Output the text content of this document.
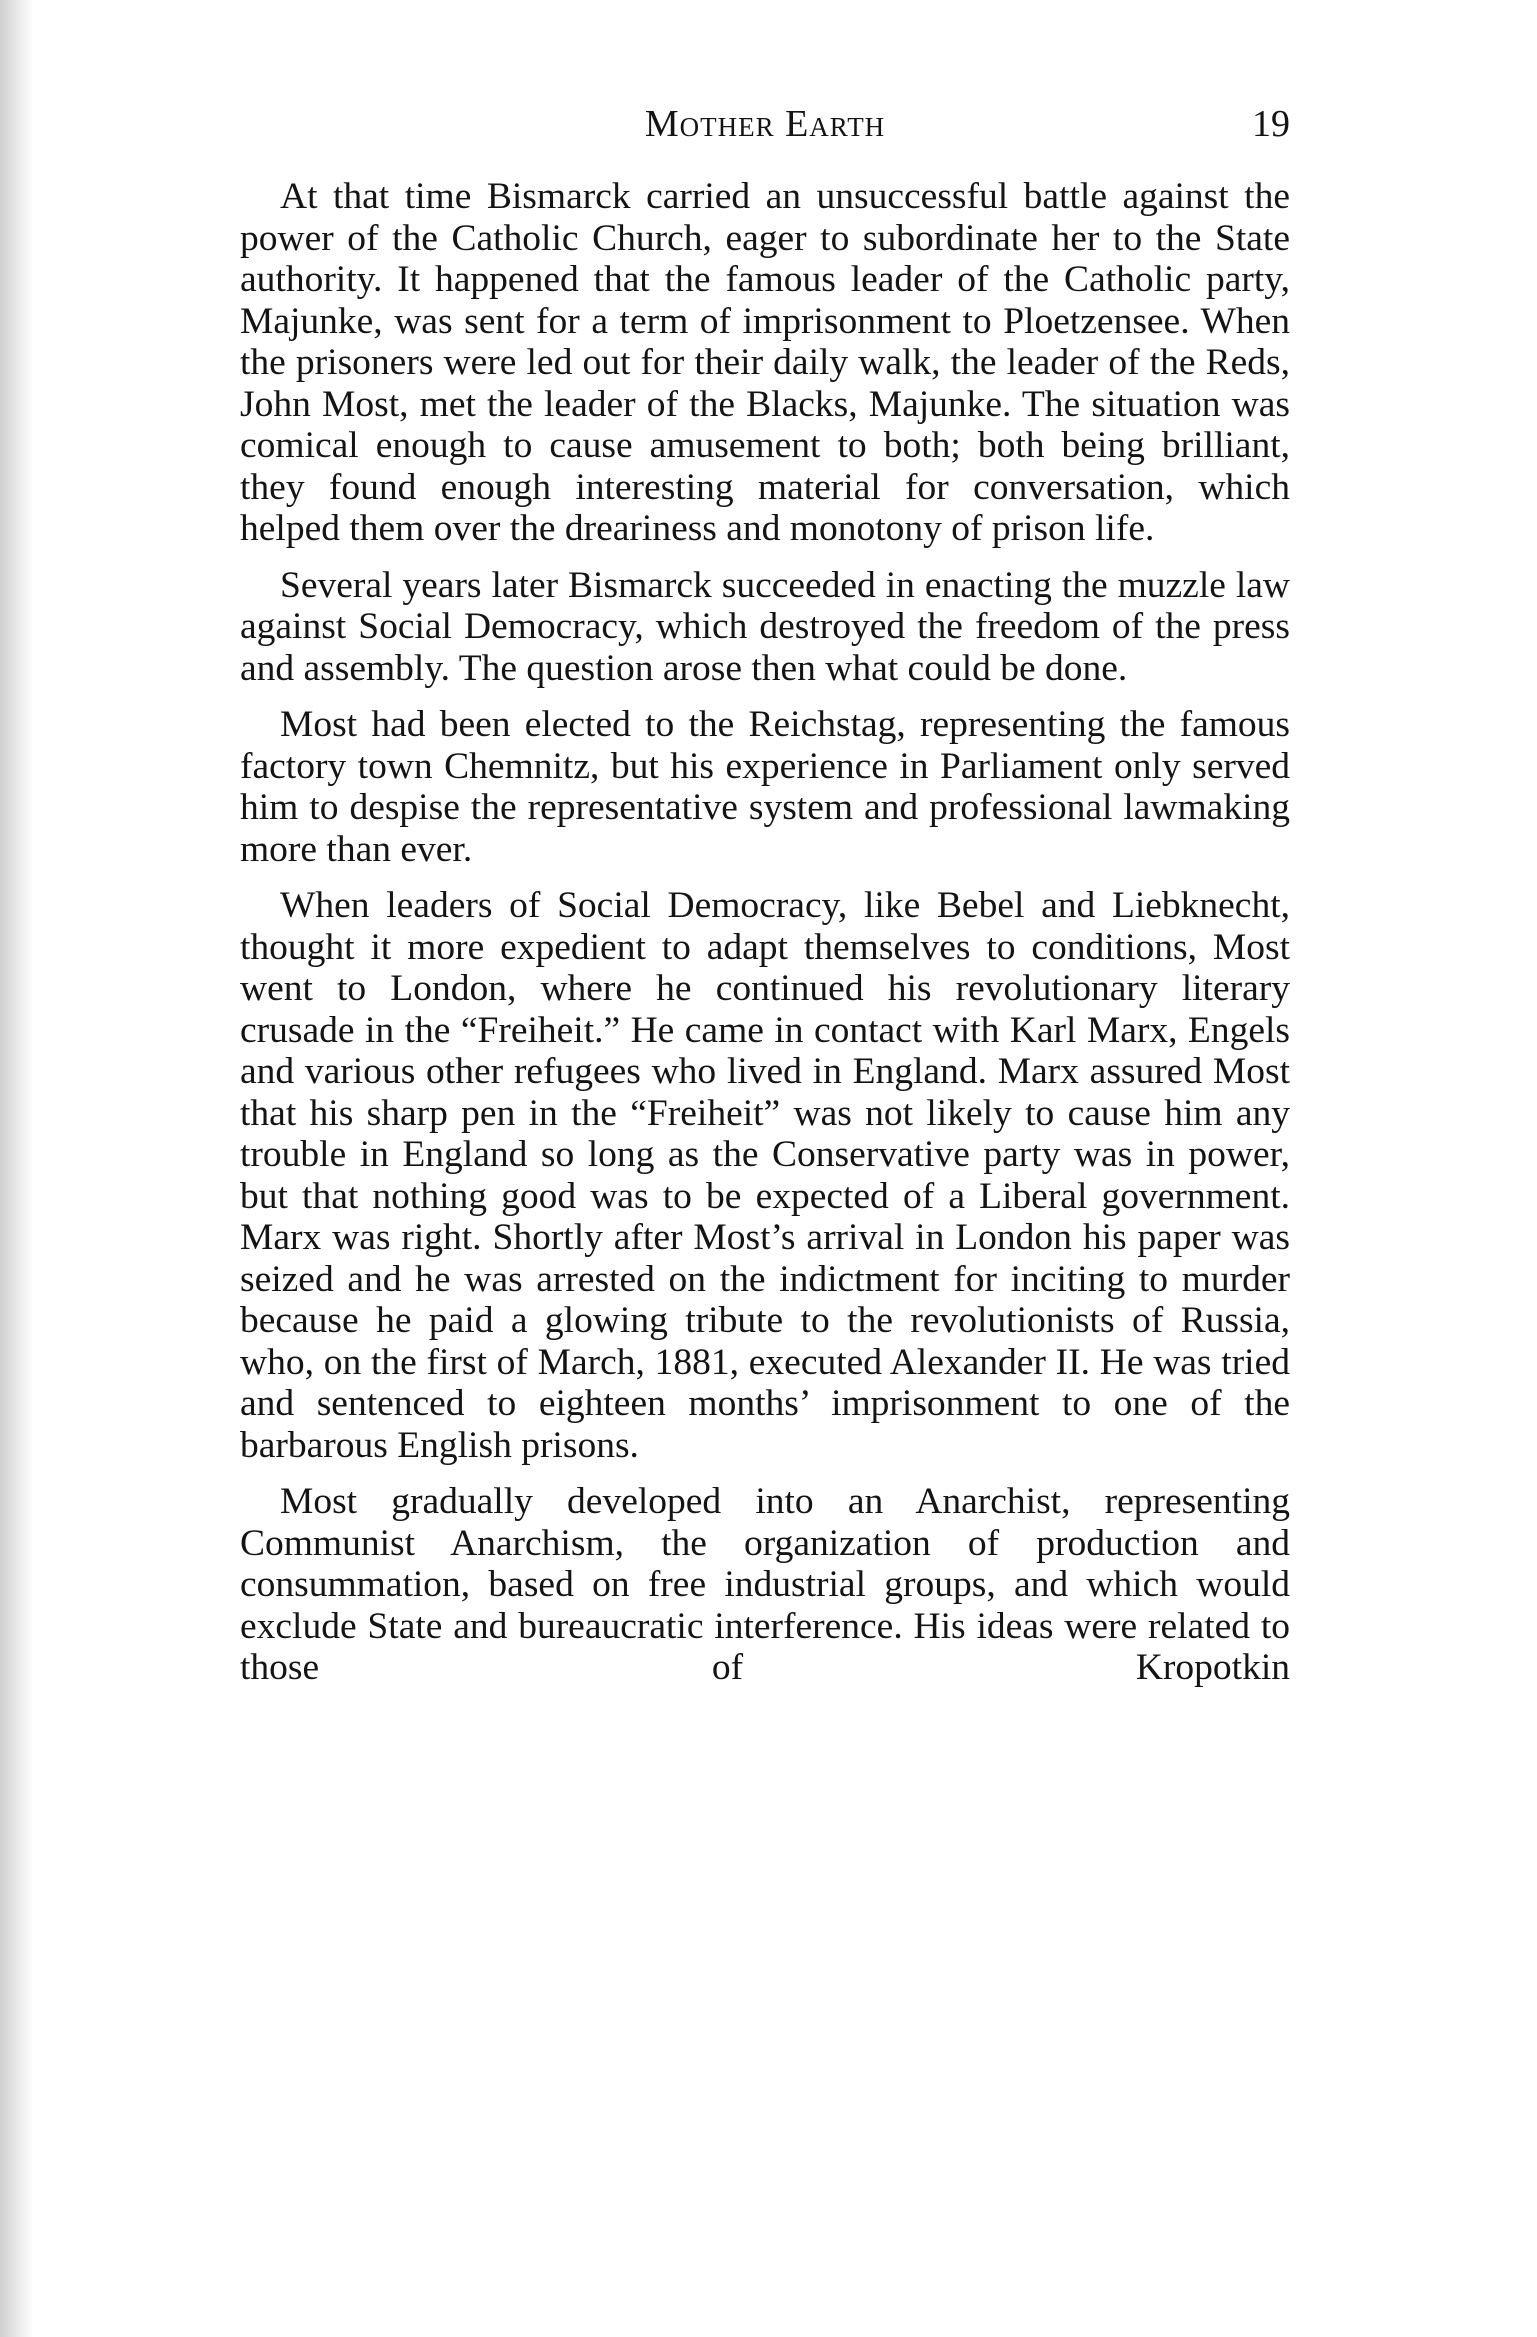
Mother Earth	19

At that time Bismarck carried an unsuccessful battle against the power of the Catholic Church, eager to subordinate her to the State authority. It happened that the famous leader of the Catholic party, Majunke, was sent for a term of imprisonment to Ploetzensee. When the prisoners were led out for their daily walk, the leader of the Reds, John Most, met the leader of the Blacks, Majunke. The situation was comical enough to cause amusement to both; both being brilliant, they found enough interesting material for conversation, which helped them over the dreariness and monotony of prison life.

Several years later Bismarck succeeded in enacting the muzzle law against Social Democracy, which destroyed the freedom of the press and assembly. The question arose then what could be done.

Most had been elected to the Reichstag, representing the famous factory town Chemnitz, but his experience in Parliament only served him to despise the representative system and professional lawmaking more than ever.

When leaders of Social Democracy, like Bebel and Liebknecht, thought it more expedient to adapt themselves to conditions, Most went to London, where he continued his revolutionary literary crusade in the “Freiheit.” He came in contact with Karl Marx, Engels and various other refugees who lived in England. Marx assured Most that his sharp pen in the “Freiheit” was not likely to cause him any trouble in England so long as the Conservative party was in power, but that nothing good was to be expected of a Liberal government. Marx was right. Shortly after Most’s arrival in London his paper was seized and he was arrested on the indictment for inciting to murder because he paid a glowing tribute to the revolutionists of Russia, who, on the first of March, 1881, executed Alexander II. He was tried and sentenced to eighteen months’ imprisonment to one of the barbarous English prisons.

Most gradually developed into an Anarchist, representing Communist Anarchism, the organization of production and consummation, based on free industrial groups, and which would exclude State and bureaucratic interference. His ideas were related to those of Kropotkin
